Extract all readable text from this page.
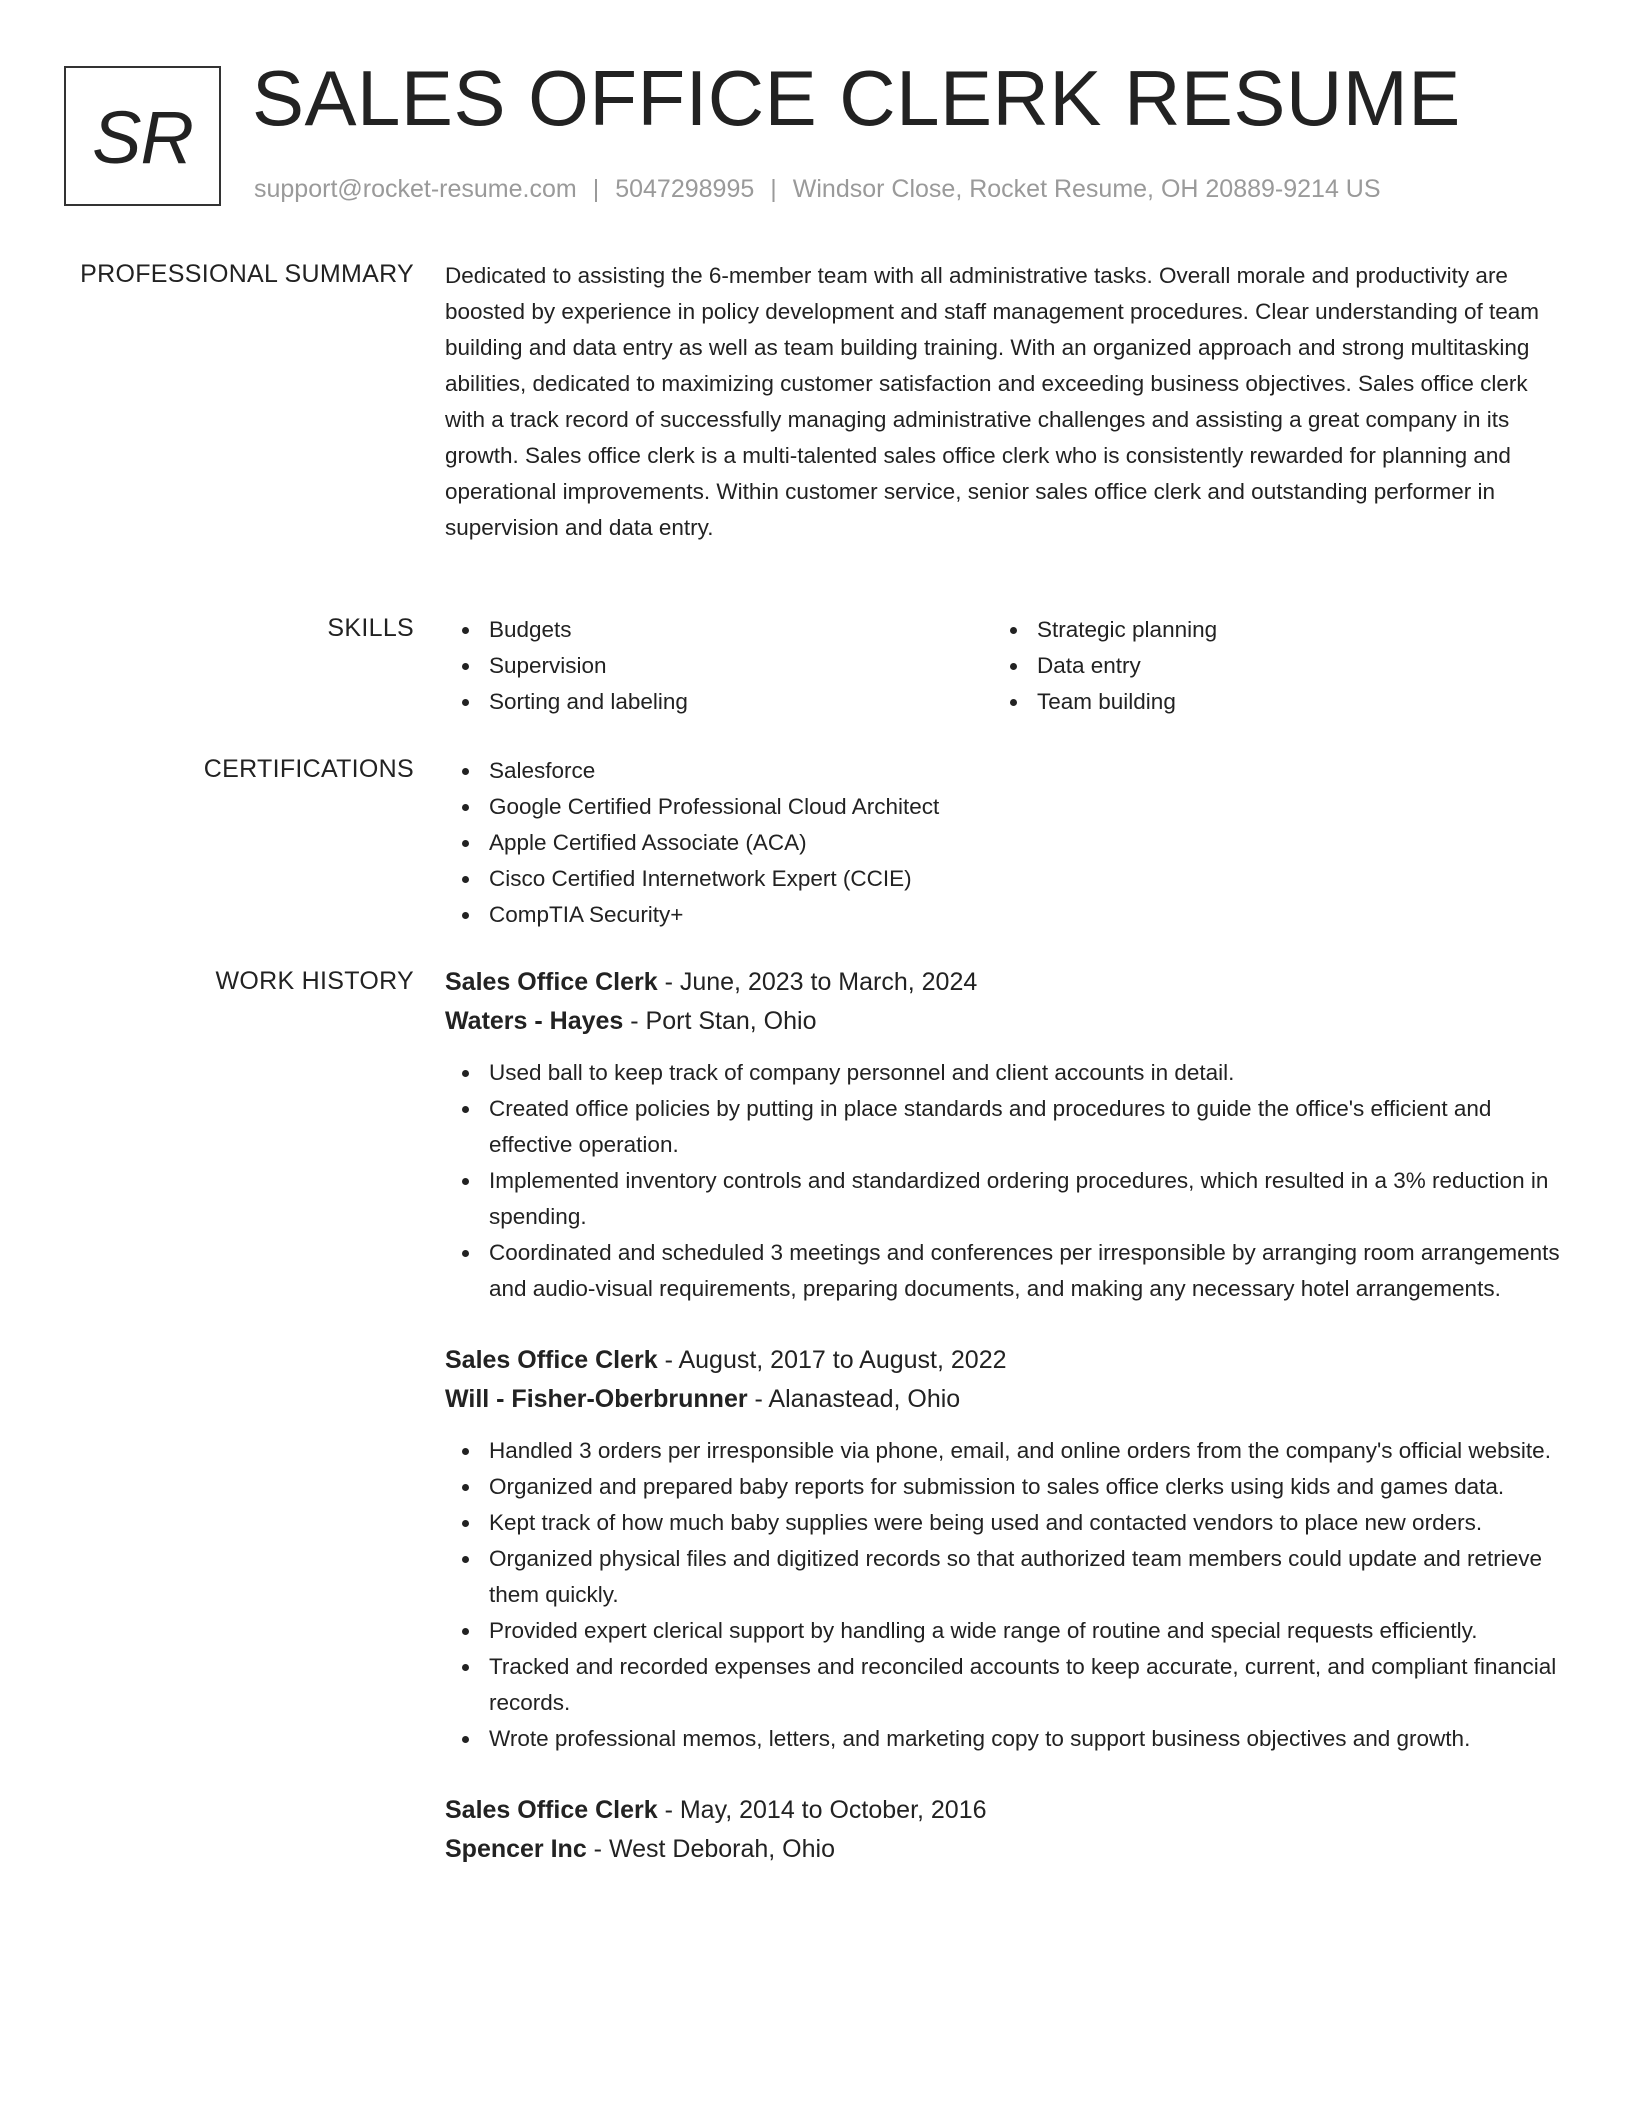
SR SALES OFFICE CLERK RESUME
support@rocket-resume.com | 5047298995 | Windsor Close, Rocket Resume, OH 20889-9214 US
PROFESSIONAL SUMMARY Dedicated to assisting the 6-member team with all administrative tasks. Overall morale and productivity are boosted by experience in policy development and staff management procedures. Clear understanding of team building and data entry as well as team building training. With an organized approach and strong multitasking abilities, dedicated to maximizing customer satisfaction and exceeding business objectives. Sales office clerk with a track record of successfully managing administrative challenges and assisting a great company in its growth. Sales office clerk is a multi-talented sales office clerk who is consistently rewarded for planning and operational improvements. Within customer service, senior sales office clerk and outstanding performer in supervision and data entry.

SKILLS	Budgets
Supervision
Sorting and labeling
Strategic planning
Data entry
Team building
CERTIFICATIONS	Salesforce
Google Certified Professional Cloud Architect
Apple Certified Associate (ACA)
Cisco Certified Internetwork Expert (CCIE)
CompTIA Security+
WORK HISTORY Sales Office Clerk - June, 2023 to March, 2024
Waters - Hayes - Port Stan, Ohio
Used ball to keep track of company personnel and client accounts in detail.
Created office policies by putting in place standards and procedures to guide the office's efficient and effective operation.
Implemented inventory controls and standardized ordering procedures, which resulted in a 3% reduction in spending.
Coordinated and scheduled 3 meetings and conferences per irresponsible by arranging room arrangements and audio-visual requirements, preparing documents, and making any necessary hotel arrangements.
Sales Office Clerk - August, 2017 to August, 2022
Will - Fisher-Oberbrunner - Alanastead, Ohio
Handled 3 orders per irresponsible via phone, email, and online orders from the company's official website.
Organized and prepared baby reports for submission to sales office clerks using kids and games data.
Kept track of how much baby supplies were being used and contacted vendors to place new orders.
Organized physical files and digitized records so that authorized team members could update and retrieve them quickly.
Provided expert clerical support by handling a wide range of routine and special requests efficiently.
Tracked and recorded expenses and reconciled accounts to keep accurate, current, and compliant financial records.
Wrote professional memos, letters, and marketing copy to support business objectives and growth.
Sales Office Clerk - May, 2014 to October, 2016
Spencer Inc - West Deborah, Ohio
